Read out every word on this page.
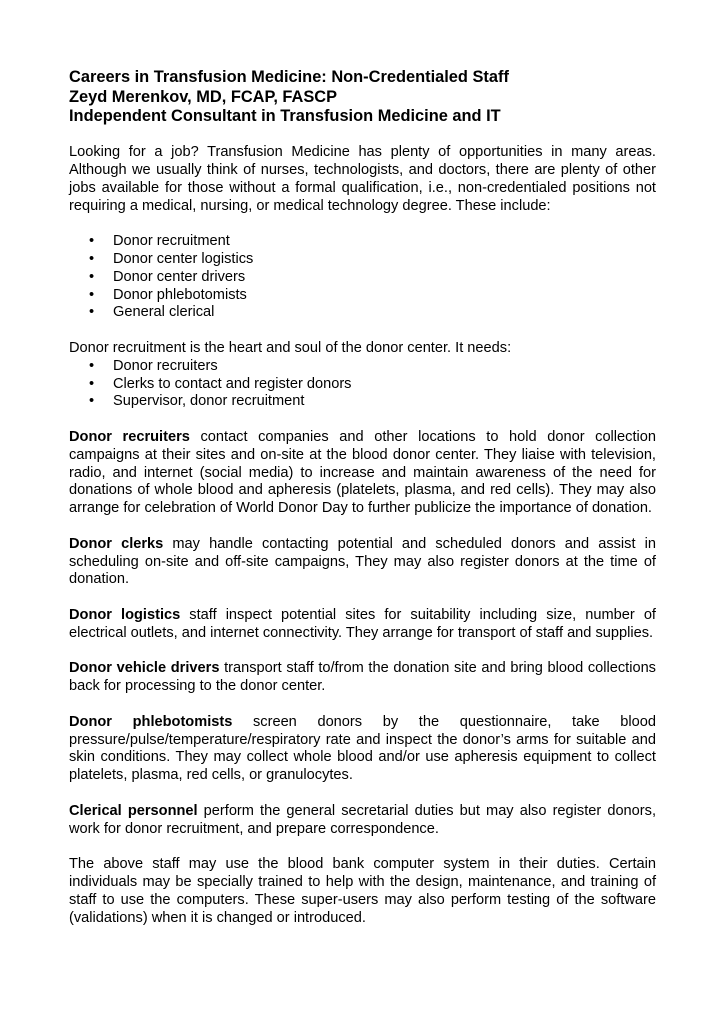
Careers in Transfusion Medicine: Non-Credentialed Staff
Zeyd Merenkov, MD, FCAP, FASCP
Independent Consultant in Transfusion Medicine and IT

Looking for a job? Transfusion Medicine has plenty of opportunities in many areas. Although we usually think of nurses, technologists, and doctors, there are plenty of other jobs available for those without a formal qualification, i.e., non-credentialed positions not requiring a medical, nursing, or medical technology degree. These include:

• Donor recruitment
• Donor center logistics
• Donor center drivers
• Donor phlebotomists
• General clerical

Donor recruitment is the heart and soul of the donor center. It needs:

• Donor recruiters
• Clerks to contact and register donors
• Supervisor, donor recruitment

Donor recruiters contact companies and other locations to hold donor collection campaigns at their sites and on-site at the blood donor center. They liaise with television, radio, and internet (social media) to increase and maintain awareness of the need for donations of whole blood and apheresis (platelets, plasma, and red cells). They may also arrange for celebration of World Donor Day to further publicize the importance of donation.

Donor clerks may handle contacting potential and scheduled donors and assist in scheduling on-site and off-site campaigns, They may also register donors at the time of donation.

Donor logistics staff inspect potential sites for suitability including size, number of electrical outlets, and internet connectivity. They arrange for transport of staff and supplies.

Donor vehicle drivers transport staff to/from the donation site and bring blood collections back for processing to the donor center.

Donor phlebotomists screen donors by the questionnaire, take blood pressure/pulse/temperature/respiratory rate and inspect the donor’s arms for suitable and skin conditions. They may collect whole blood and/or use apheresis equipment to collect platelets, plasma, red cells, or granulocytes.

Clerical personnel perform the general secretarial duties but may also register donors, work for donor recruitment, and prepare correspondence.

The above staff may use the blood bank computer system in their duties. Certain individuals may be specially trained to help with the design, maintenance, and training of staff to use the computers. These super-users may also perform testing of the software (validations) when it is changed or introduced.
